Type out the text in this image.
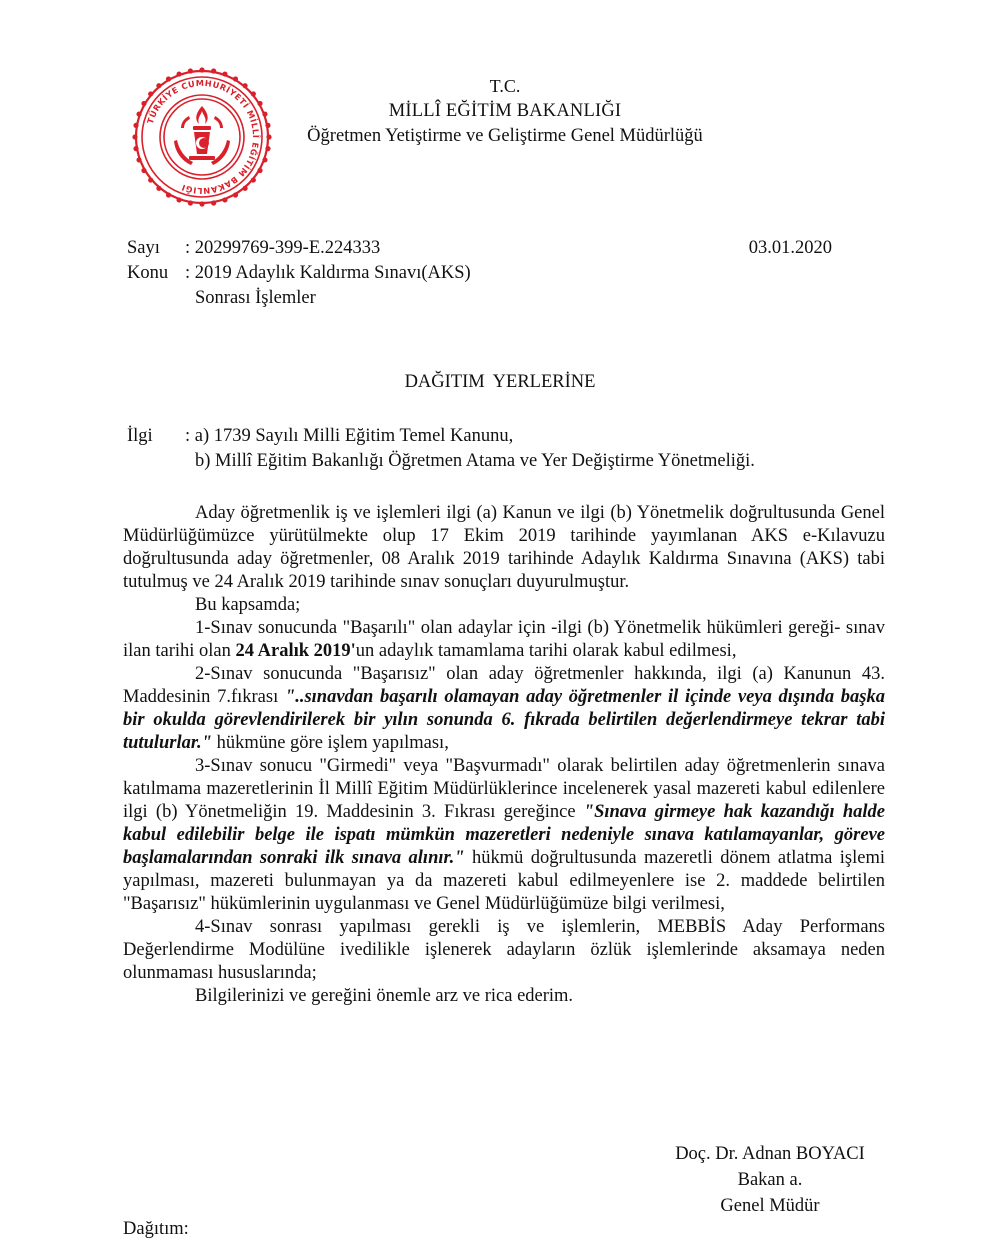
TÜRKİYE CUMHURİYETİ MİLLÎ EĞİTİM BAKANLIĞI
T.C.
MİLLÎ EĞİTİM BAKANLIĞI
Öğretmen Yetiştirme ve Geliştirme Genel Müdürlüğü
Sayı : 20299769-399-E.224333	03.01.2020
Konu : 2019 Adaylık Kaldırma Sınavı(AKS)
Sonrası İşlemler
DAĞITIM YERLERİNE
İlgi : a) 1739 Sayılı Milli Eğitim Temel Kanunu,
b) Millî Eğitim Bakanlığı Öğretmen Atama ve Yer Değiştirme Yönetmeliği.

Aday öğretmenlik iş ve işlemleri ilgi (a) Kanun ve ilgi (b) Yönetmelik doğrultusunda Genel Müdürlüğümüzce yürütülmekte olup 17 Ekim 2019 tarihinde yayımlanan AKS e-Kılavuzu doğrultusunda aday öğretmenler, 08 Aralık 2019 tarihinde Adaylık Kaldırma Sınavına (AKS) tabi tutulmuş ve 24 Aralık 2019 tarihinde sınav sonuçları duyurulmuştur.

Bu kapsamda;

1-Sınav sonucunda "Başarılı" olan adaylar için -ilgi (b) Yönetmelik hükümleri gereği- sınav ilan tarihi olan 24 Aralık 2019'un adaylık tamamlama tarihi olarak kabul edilmesi,

2-Sınav sonucunda "Başarısız" olan aday öğretmenler hakkında, ilgi (a) Kanunun 43. Maddesinin 7.fıkrası "..sınavdan başarılı olamayan aday öğretmenler il içinde veya dışında başka bir okulda görevlendirilerek bir yılın sonunda 6. fıkrada belirtilen değerlendirmeye tekrar tabi tutulurlar." hükmüne göre işlem yapılması,

3-Sınav sonucu "Girmedi" veya "Başvurmadı" olarak belirtilen aday öğretmenlerin sınava katılmama mazeretlerinin İl Millî Eğitim Müdürlüklerince incelenerek yasal mazereti kabul edilenlere ilgi (b) Yönetmeliğin 19. Maddesinin 3. Fıkrası gereğince "Sınava girmeye hak kazandığı halde kabul edilebilir belge ile ispatı mümkün mazeretleri nedeniyle sınava katılamayanlar, göreve başlamalarından sonraki ilk sınava alınır." hükmü doğrultusunda mazeretli dönem atlatma işlemi yapılması, mazereti bulunmayan ya da mazereti kabul edilmeyenlere ise 2. maddede belirtilen "Başarısız" hükümlerinin uygulanması ve Genel Müdürlüğümüze bilgi verilmesi,

4-Sınav sonrası yapılması gerekli iş ve işlemlerin, MEBBİS Aday Performans Değerlendirme Modülüne ivedilikle işlenerek adayların özlük işlemlerinde aksamaya neden olunmaması hususlarında;

Bilgilerinizi ve gereğini önemle arz ve rica ederim.

Doç. Dr. Adnan BOYACI
Bakan a.
Genel Müdür
Dağıtım:
